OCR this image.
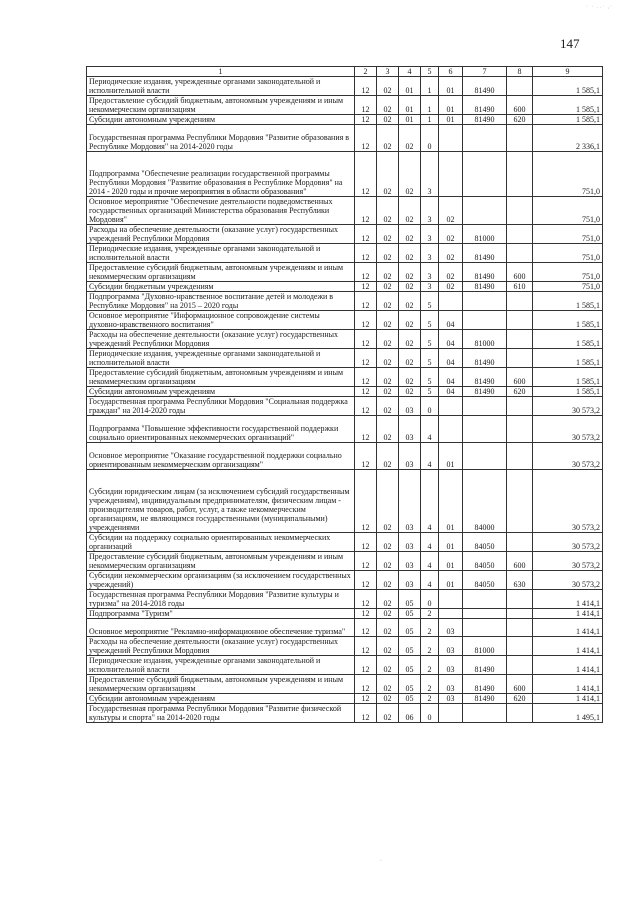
· · ..· ,·
147
1	2	3	4	5	6	7	8	9
Периодические издания, учрежденные органами законодательной и исполнительной власти	12	02	01	1	01	81490		1 585,1
Предоставление субсидий бюджетным, автономным учреждениям и иным некоммерческим организациям	12	02	01	1	01	81490	600	1 585,1
Субсидии автономным учреждениям	12	02	01	1	01	81490	620	1 585,1
Государственная программа Республики Мордовия "Развитие образования в Республике Мордовия" на 2014-2020 годы	12	02	02	0				2 336,1
Подпрограмма "Обеспечение реализации государственной программы Республики Мордовия "Развитие образования в Республике Мордовия" на 2014 - 2020 годы и прочие мероприятия в области образования"	12	02	02	3				751,0
Основное мероприятие "Обеспечение деятельности подведомственных государственных организаций Министерства образования Республики Мордовия"	12	02	02	3	02			751,0
Расходы на обеспечение деятельности (оказание услуг) государственных учреждений Республики Мордовия	12	02	02	3	02	81000		751,0
Периодические издания, учрежденные органами законодательной и исполнительной власти	12	02	02	3	02	81490		751,0
Предоставление субсидий бюджетным, автономным учреждениям и иным некоммерческим организациям	12	02	02	3	02	81490	600	751,0
Субсидии бюджетным учреждениям	12	02	02	3	02	81490	610	751,0
Подпрограмма "Духовно-нравственное воспитание детей и молодежи в Республике Мордовия" на 2015 – 2020 годы	12	02	02	5				1 585,1
Основное мероприятие "Информационное сопровождение системы духовно-нравственного воспитания"	12	02	02	5	04			1 585,1
Расходы на обеспечение деятельности (оказание услуг) государственных учреждений Республики Мордовия	12	02	02	5	04	81000		1 585,1
Периодические издания, учрежденные органами законодательной и исполнительной власти	12	02	02	5	04	81490		1 585,1
Предоставление субсидий бюджетным, автономным учреждениям и иным некоммерческим организациям	12	02	02	5	04	81490	600	1 585,1
Субсидии автономным учреждениям	12	02	02	5	04	81490	620	1 585,1
Государственная программа Республики Мордовия "Социальная поддержка граждан" на 2014-2020 годы	12	02	03	0				30 573,2
Подпрограмма "Повышение эффективности государственной поддержки социально ориентированных некоммерческих организаций"	12	02	03	4				30 573,2
Основное мероприятие "Оказание государственной поддержки социально ориентированным некоммерческим организациям"	12	02	03	4	01			30 573,2
Субсидии юридическим лицам (за исключением субсидий государственным учреждениям), индивидуальным предпринимателям, физическим лицам - производителям товаров, работ, услуг, а также некоммерческим организациям, не являющимся государственными (муниципальными) учреждениями	12	02	03	4	01	84000		30 573,2
Субсидии на поддержку социально ориентированных некоммерческих организаций	12	02	03	4	01	84050		30 573,2
Предоставление субсидий бюджетным, автономным учреждениям и иным некоммерческим организациям	12	02	03	4	01	84050	600	30 573,2
Субсидии некоммерческим организациям (за исключением государственных учреждений)	12	02	03	4	01	84050	630	30 573,2
Государственная программа Республики Мордовия "Развитие культуры и туризма" на 2014-2018 годы	12	02	05	0				1 414,1
Подпрограмма "Туризм"	12	02	05	2				1 414,1
Основное мероприятие "Рекламно-информационное обеспечение туризма"	12	02	05	2	03			1 414,1
Расходы на обеспечение деятельности (оказание услуг) государственных учреждений Республики Мордовия	12	02	05	2	03	81000		1 414,1
Периодические издания, учрежденные органами законодательной и исполнительной власти	12	02	05	2	03	81490		1 414,1
Предоставление субсидий бюджетным, автономным учреждениям и иным некоммерческим организациям	12	02	05	2	03	81490	600	1 414,1
Субсидии автономным учреждениям	12	02	05	2	03	81490	620	1 414,1
Государственная программа Республики Мордовия "Развитие физической культуры и спорта" на 2014-2020 годы	12	02	06	0				1 495,1
·
